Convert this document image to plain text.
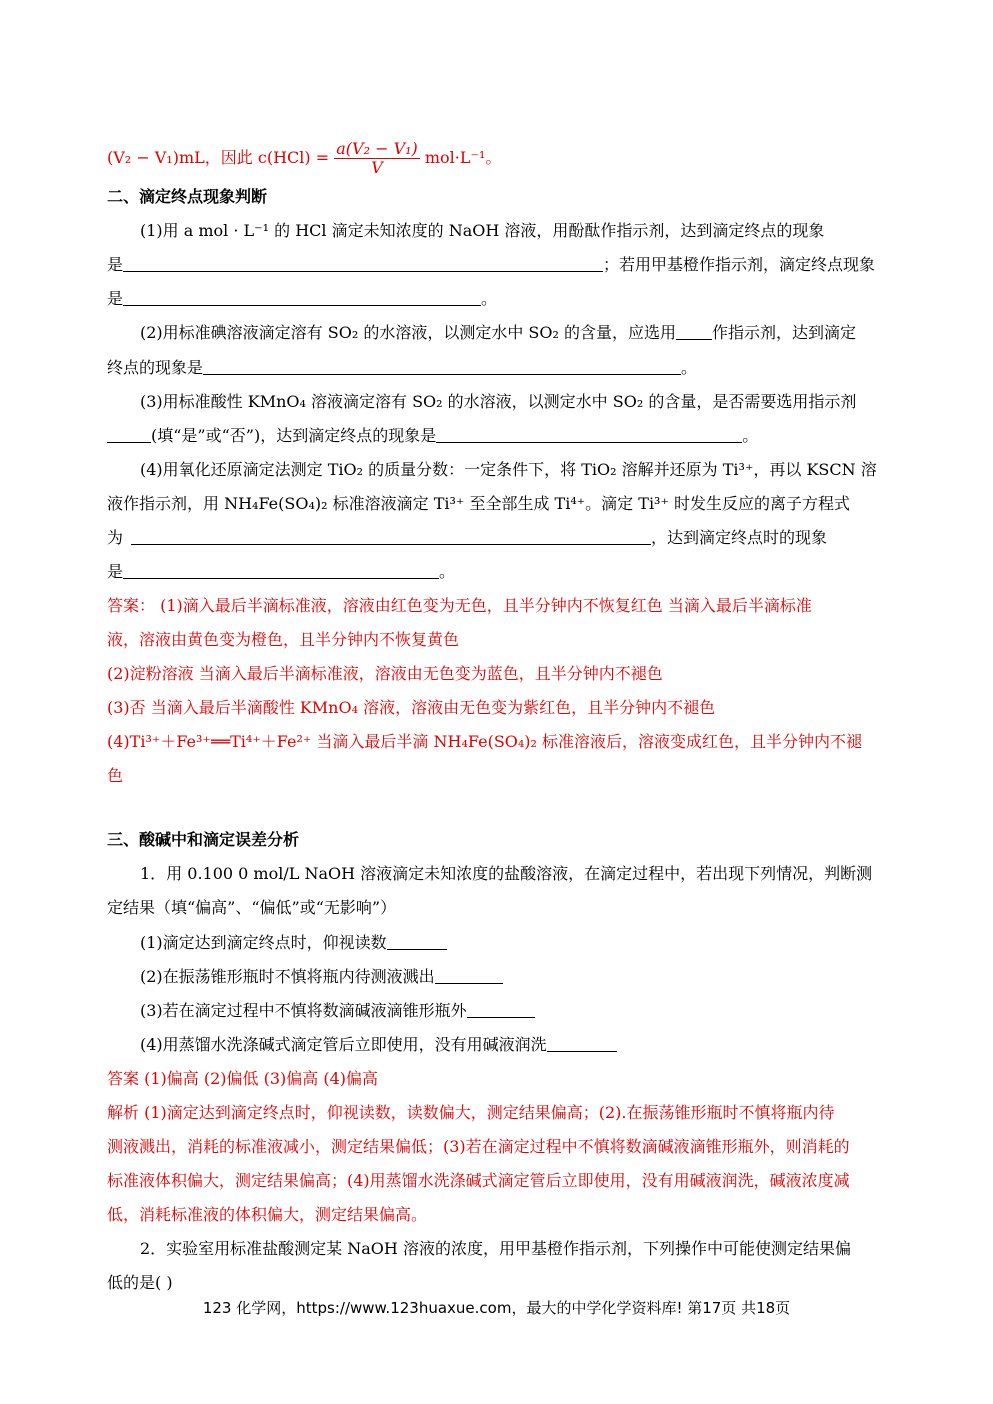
(V₂ − V₁)mL，因此 $c(HCl) = \frac{\text{a(V₂ − V₁)}}{V} mol\cdot L^{-1}$。
二、滴定终点现象判断
(1)用 a mol · L⁻¹ 的 HCl 滴定未知浓度的 NaOH 溶液，用酚酞作指示剂，达到滴定终点的现象
是	；若用甲基橙作指示剂，滴定终点现象
是	。
(2)用标准碘溶液滴定溶有 SO₂ 的水溶液，以测定水中 SO₂ 的含量，应选用 作指示剂，达到滴定
终点的现象是	。
(3)用标准酸性 KMnO₄ 溶液滴定溶有 SO₂ 的水溶液，以测定水中 SO₂ 的含量，是否需要选用指示剂
(填“是”或“否”)，达到滴定终点的现象是	。
(4)用氧化还原滴定法测定 TiO₂ 的质量分数：一定条件下，将 TiO₂ 溶解并还原为 Ti³⁺，再以 KSCN 溶
液作指示剂，用 NH₄Fe(SO₄)₂ 标准溶液滴定 Ti³⁺ 至全部生成 Ti⁴⁺。滴定 Ti³⁺ 时发生反应的离子方程式
为	，达到滴定终点时的现象
是	。
答案： (1)滴入最后半滴标准液，溶液由红色变为无色，且半分钟内不恢复红色 当滴入最后半滴标准
液，溶液由黄色变为橙色，且半分钟内不恢复黄色
(2)淀粉溶液 当滴入最后半滴标准液，溶液由无色变为蓝色，且半分钟内不褪色
(3)否 当滴入最后半滴酸性 KMnO₄ 溶液，溶液由无色变为紫红色，且半分钟内不褪色
(4)Ti³⁺＋Fe³⁺══Ti⁴⁺＋Fe²⁺ 当滴入最后半滴 NH₄Fe(SO₄)₂ 标准溶液后，溶液变成红色，且半分钟内不褪
色
三、酸碱中和滴定误差分析
1．用 0.100 0 mol/L NaOH 溶液滴定未知浓度的盐酸溶液，在滴定过程中，若出现下列情况，判断测
定结果（填“偏高”、“偏低”或“无影响”）
(1)滴定达到滴定终点时，仰视读数
(2)在振荡锥形瓶时不慎将瓶内待测液溅出
(3)若在滴定过程中不慎将数滴碱液滴锥形瓶外
(4)用蒸馏水洗涤碱式滴定管后立即使用，没有用碱液润洗
答案 (1)偏高 (2)偏低 (3)偏高 (4)偏高
解析 (1)滴定达到滴定终点时，仰视读数，读数偏大，测定结果偏高；(2).在振荡锥形瓶时不慎将瓶内待
测液溅出，消耗的标准液减小，测定结果偏低；(3)若在滴定过程中不慎将数滴碱液滴锥形瓶外，则消耗的
标准液体积偏大，测定结果偏高；(4)用蒸馏水洗涤碱式滴定管后立即使用，没有用碱液润洗，碱液浓度减
低，消耗标准液的体积偏大，测定结果偏高。
2．实验室用标准盐酸测定某 NaOH 溶液的浓度，用甲基橙作指示剂，下列操作中可能使测定结果偏
低的是( )
123 化学网，https://www.123huaxue.com，最大的中学化学资料库! 第17页 共18页
